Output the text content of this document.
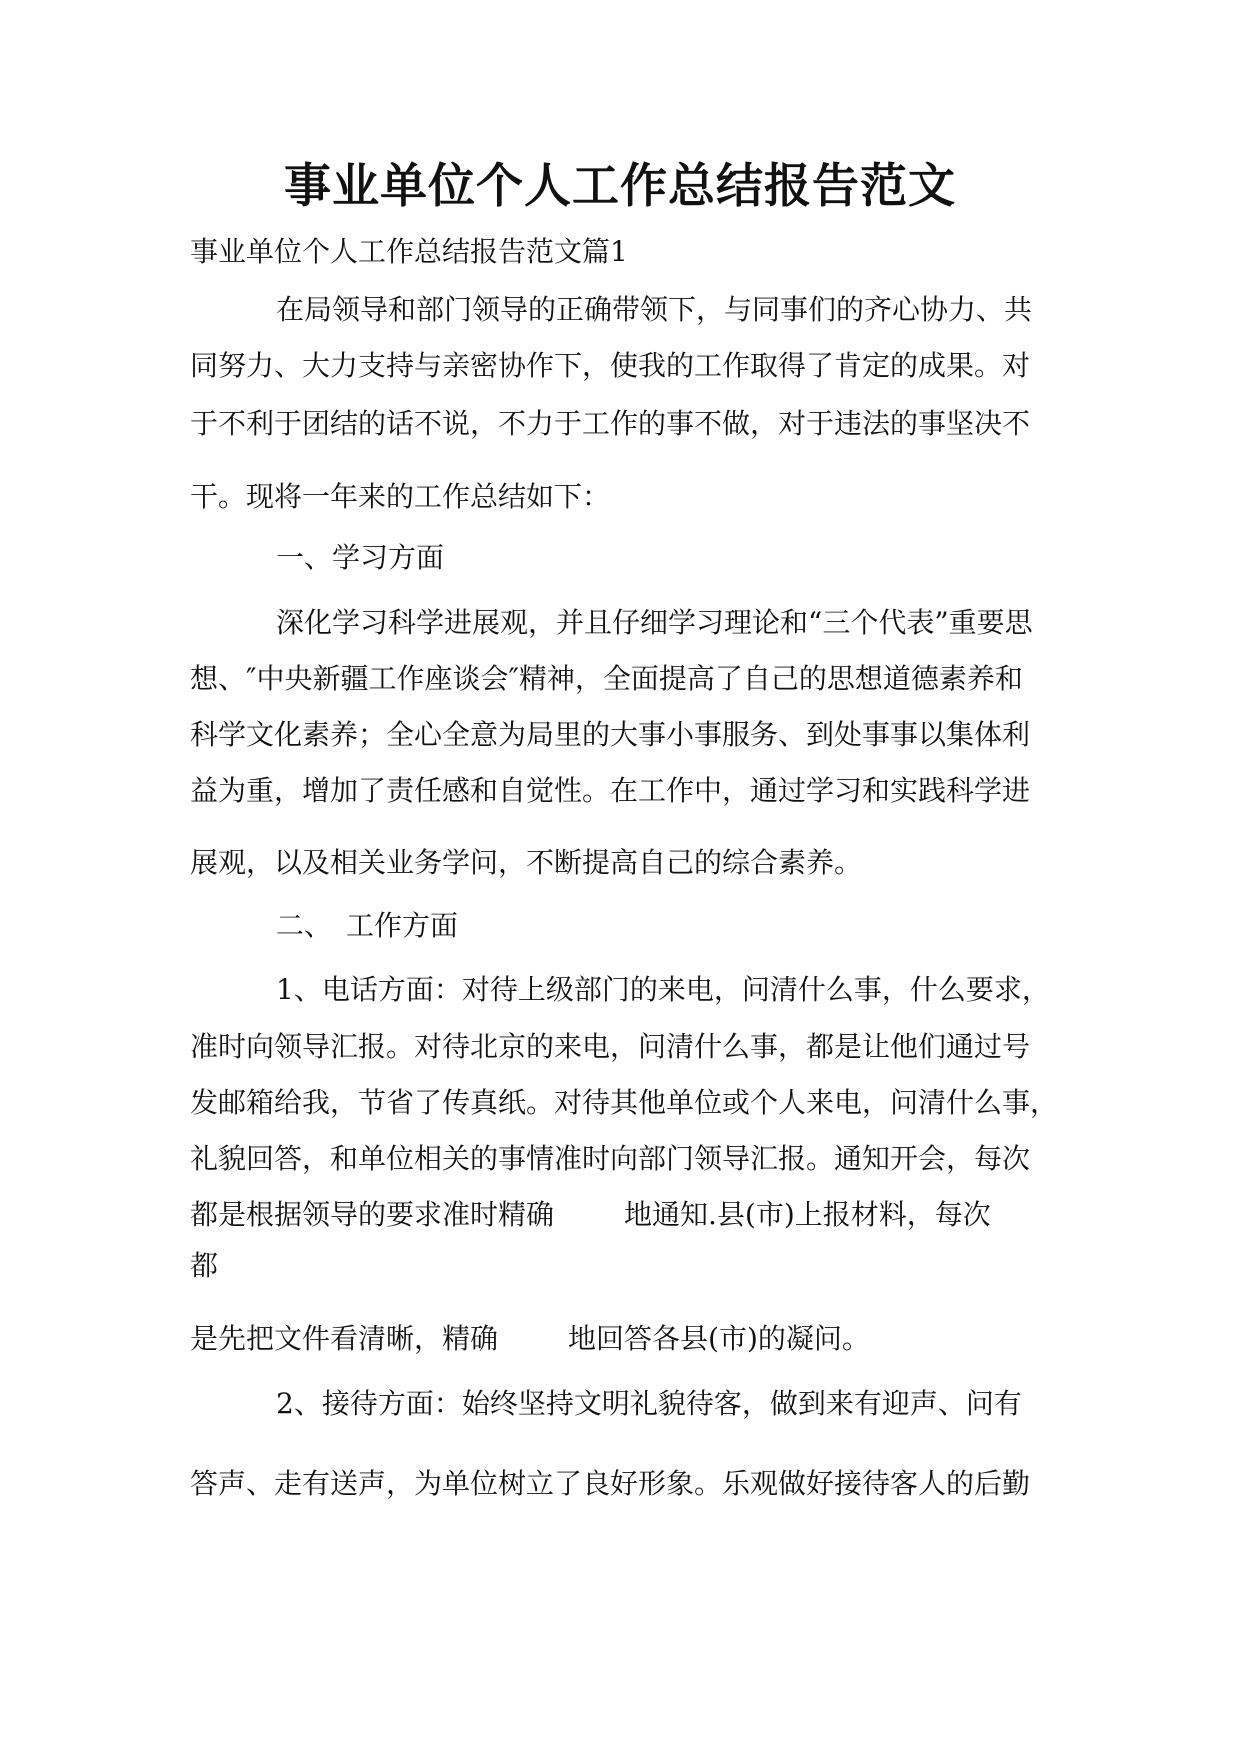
事业单位个人工作总结报告范文
事业单位个人工作总结报告范文篇1
在局领导和部门领导的正确带领下，与同事们的齐心协力、共
同努力、大力支持与亲密协作下，使我的工作取得了肯定的成果。对
于不利于团结的话不说，不力于工作的事不做，对于违法的事坚决不
干。现将一年来的工作总结如下：
一、学习方面
深化学习科学进展观，并且仔细学习理论和“三个代表”重要思
想、″中央新疆工作座谈会″精神，全面提高了自己的思想道德素养和
科学文化素养；全心全意为局里的大事小事服务、到处事事以集体利
益为重，增加了责任感和自觉性。在工作中，通过学习和实践科学进
展观，以及相关业务学问，不断提高自己的综合素养。
二、　工作方面
1、电话方面：对待上级部门的来电，问清什么事，什么要求，
准时向领导汇报。对待北京的来电，问清什么事，都是让他们通过号
发邮箱给我，节省了传真纸。对待其他单位或个人来电，问清什么事，
礼貌回答，和单位相关的事情准时向部门领导汇报。通知开会，每次
都是根据领导的要求准时精确	地通知.县(市)上报材料，每次
都
是先把文件看清晰，精确	地回答各县(市)的凝问。
2、接待方面：始终坚持文明礼貌待客，做到来有迎声、问有
答声、走有送声，为单位树立了良好形象。乐观做好接待客人的后勤
